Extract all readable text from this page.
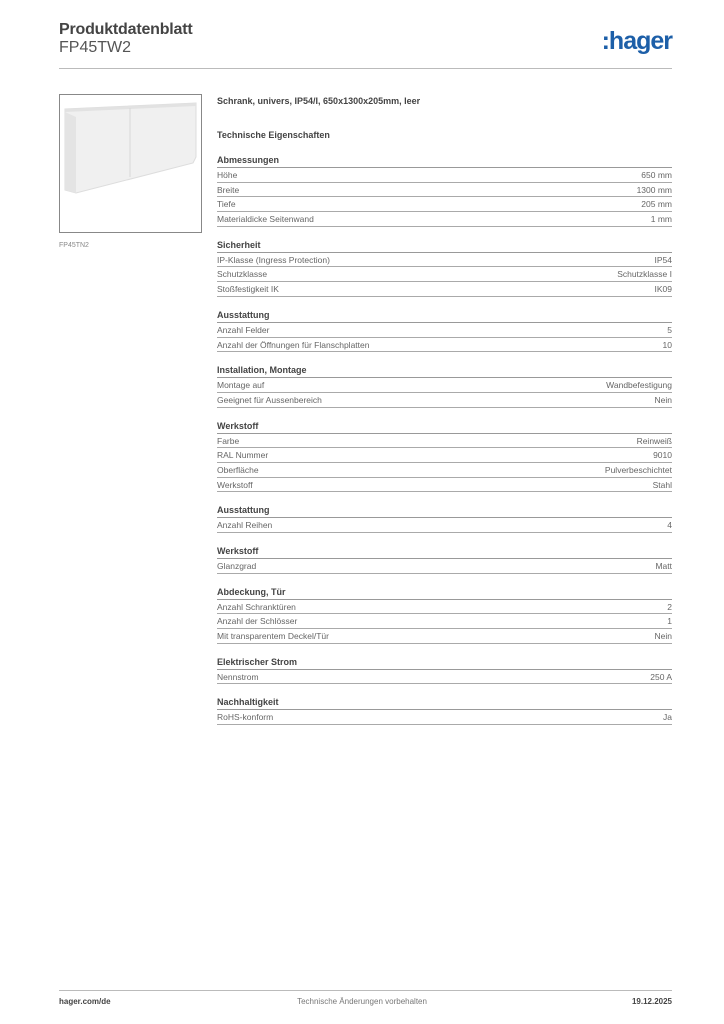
Produktdatenblatt
FP45TW2	:hager
FP45TN2
Schrank, univers, IP54/I, 650x1300x205mm, leer
Technische Eigenschaften
Abmessungen
Höhe	650 mm
Breite	1300 mm
Tiefe	205 mm
Materialdicke Seitenwand	1 mm
Sicherheit
IP-Klasse (Ingress Protection)	IP54
Schutzklasse	Schutzklasse I
Stoßfestigkeit IK	IK09
Ausstattung
Anzahl Felder	5
Anzahl der Öffnungen für Flanschplatten	10
Installation, Montage
Montage auf	Wandbefestigung
Geeignet für Aussenbereich	Nein
Werkstoff
Farbe	Reinweiß
RAL Nummer	9010
Oberfläche	Pulverbeschichtet
Werkstoff	Stahl
Ausstattung
Anzahl Reihen	4
Werkstoff
Glanzgrad	Matt
Abdeckung, Tür
Anzahl Schranktüren	2
Anzahl der Schlösser	1
Mit transparentem Deckel/Tür	Nein
Elektrischer Strom
Nennstrom	250 A
Nachhaltigkeit
RoHS-konform	Ja
Technische Änderungen vorbehalten
hager.com/de	19.12.2025
